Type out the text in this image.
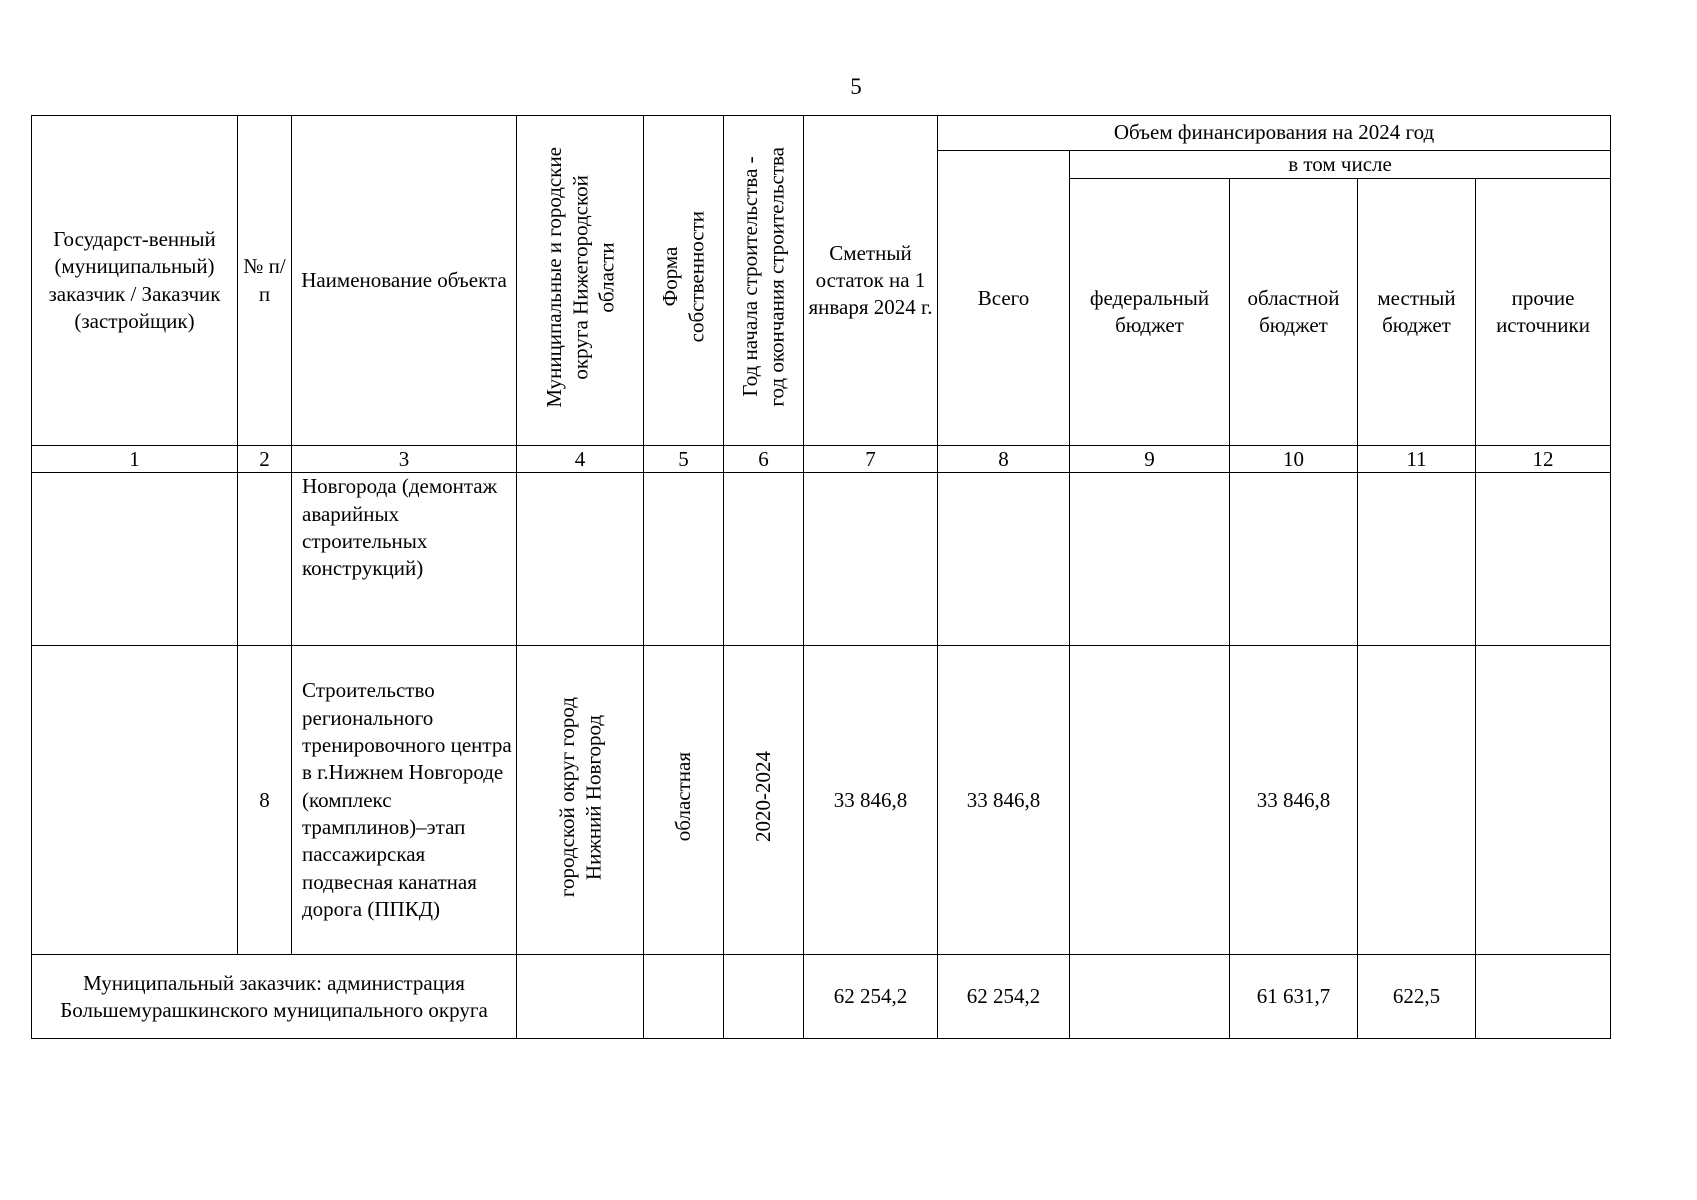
5
Государст-венный (муниципальный) заказчик / Заказчик (застройщик)	№ п/п	Наименование объекта	Муниципальные и городские округа Нижегородской области	Форма собственности	Год начала строительства - год окончания строительства	Сметный остаток на 1 января 2024 г.	Объем финансирования на 2024 год				
							Всего	в том числе			
								федеральный бюджет	областной бюджет	местный бюджет	прочие источники
1	2	3	4	5	6	7	8	9	10	11	12
		Новгорода (демонтаж аварийных строительных конструкций)									
	8	Строительство регионального тренировочного центра в г.Нижнем Новгороде (комплекс трамплинов)–этап пассажирская подвесная канатная дорога (ППКД)	городской округ город Нижний Новгород	областная	2020-2024	33 846,8	33 846,8		33 846,8		
Муниципальный заказчик: администрация Большемурашкинского муниципального округа						62 254,2	62 254,2		61 631,7	622,5	
